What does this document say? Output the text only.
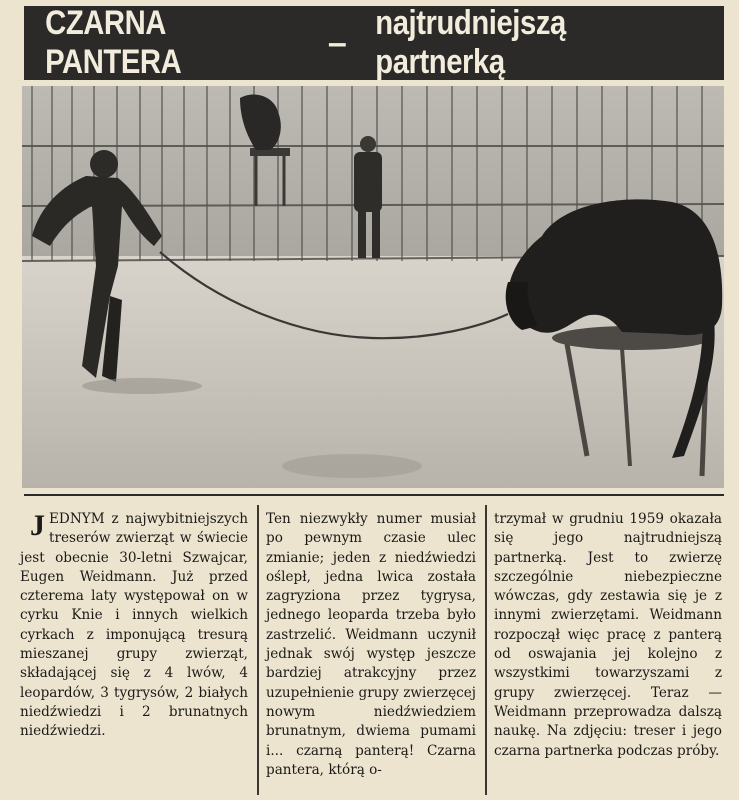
CZARNA PANTERA
–
najtrudniejszą partnerką
J EDNYM z najwybitniejszych treserów zwierząt w świecie jest obecnie 30-letni Szwajcar, Eugen Weidmann. Już przed czterema laty występował on w cyrku Knie i innych wielkich cyrkach z imponującą tresurą mieszanej grupy zwierząt, składającej się z 4 lwów, 4 leopardów, 3 tygrysów, 2 białych niedźwiedzi i 2 brunatnych niedźwiedzi.

Ten niezwykły numer musiał po pewnym czasie ulec zmianie; jeden z niedźwiedzi oślepł, jedna lwica została zagryziona przez tygrysa, jednego leoparda trzeba było zastrzelić. Weidmann uczynił jednak swój występ jeszcze bardziej atrakcyjny przez uzupełnienie grupy zwierzęcej nowym niedźwiedziem brunatnym, dwiema pumami i... czarną panterą! Czarna pantera, którą o-

trzymał w grudniu 1959 okazała się jego najtrudniejszą partnerką. Jest to zwierzę szczególnie niebezpieczne wówczas, gdy zestawia się je z innymi zwierzętami. Weidmann rozpoczął więc pracę z panterą od oswajania jej kolejno z wszystkimi towarzyszami z grupy zwierzęcej. Teraz — Weidmann przeprowadza dalszą naukę. Na zdjęciu: treser i jego czarna partnerka podczas próby.
